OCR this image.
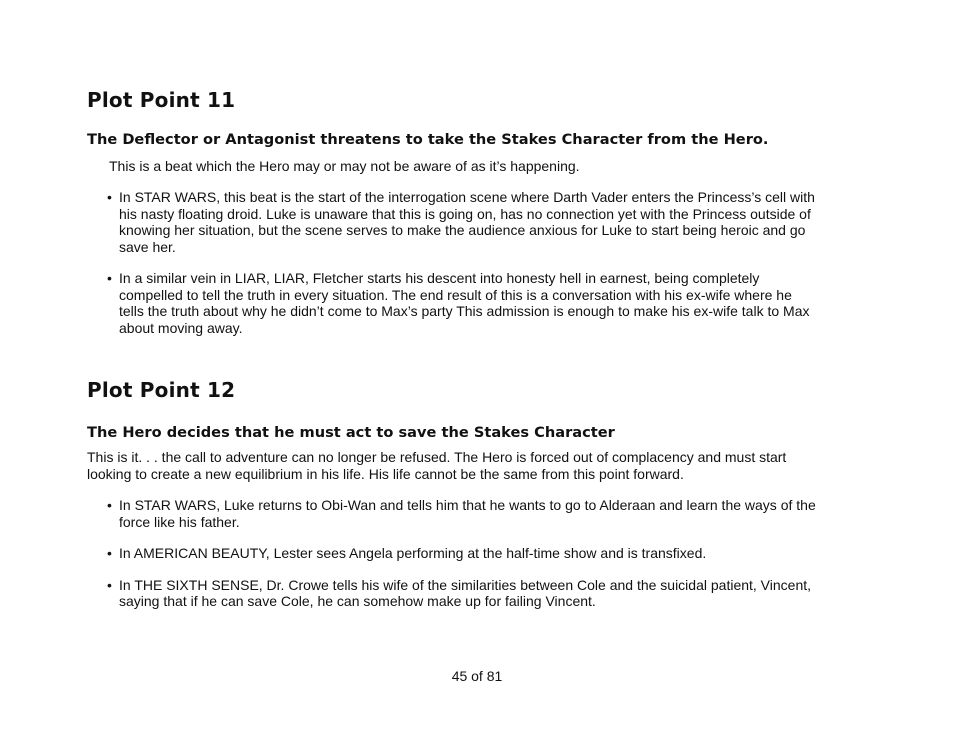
Plot Point 11
The Deflector or Antagonist threatens to take the Stakes Character from the Hero.

This is a beat which the Hero may or may not be aware of as it’s happening.

• In STAR WARS, this beat is the start of the interrogation scene where Darth Vader enters the Princess’s cell with his nasty floating droid. Luke is unaware that this is going on, has no connection yet with the Princess outside of knowing her situation, but the scene serves to make the audience anxious for Luke to start being heroic and go save her.
• In a similar vein in LIAR, LIAR, Fletcher starts his descent into honesty hell in earnest, being completely compelled to tell the truth in every situation. The end result of this is a conversation with his ex-wife where he tells the truth about why he didn’t come to Max’s party This admission is enough to make his ex-wife talk to Max about moving away.
Plot Point 12
The Hero decides that he must act to save the Stakes Character

This is it. . . the call to adventure can no longer be refused. The Hero is forced out of complacency and must start looking to create a new equilibrium in his life. His life cannot be the same from this point forward.

• In STAR WARS, Luke returns to Obi-Wan and tells him that he wants to go to Alderaan and learn the ways of the force like his father.
• In AMERICAN BEAUTY, Lester sees Angela performing at the half-time show and is transfixed.
• In THE SIXTH SENSE, Dr. Crowe tells his wife of the similarities between Cole and the suicidal patient, Vincent, saying that if he can save Cole, he can somehow make up for failing Vincent.
45 of 81
